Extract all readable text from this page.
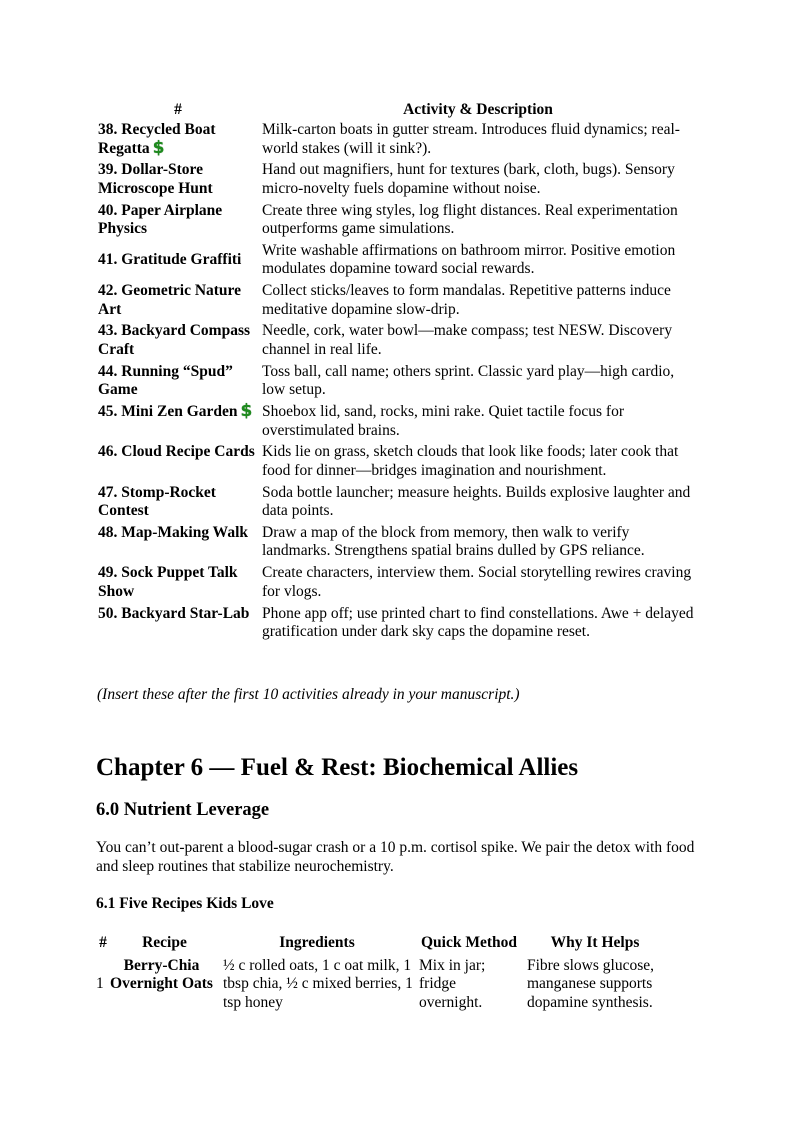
#	Activity & Description
38. Recycled Boat Regatta $	Milk-carton boats in gutter stream. Introduces fluid dynamics; real-world stakes (will it sink?).
39. Dollar-Store Microscope Hunt	Hand out magnifiers, hunt for textures (bark, cloth, bugs). Sensory micro-novelty fuels dopamine without noise.
40. Paper Airplane Physics	Create three wing styles, log flight distances. Real experimentation outperforms game simulations.
41. Gratitude Graffiti	Write washable affirmations on bathroom mirror. Positive emotion modulates dopamine toward social rewards.
42. Geometric Nature Art	Collect sticks/leaves to form mandalas. Repetitive patterns induce meditative dopamine slow-drip.
43. Backyard Compass Craft	Needle, cork, water bowl—make compass; test NESW. Discovery channel in real life.
44. Running “Spud” Game	Toss ball, call name; others sprint. Classic yard play—high cardio, low setup.
45. Mini Zen Garden $	Shoebox lid, sand, rocks, mini rake. Quiet tactile focus for overstimulated brains.
46. Cloud Recipe Cards	Kids lie on grass, sketch clouds that look like foods; later cook that food for dinner—bridges imagination and nourishment.
47. Stomp-Rocket Contest	Soda bottle launcher; measure heights. Builds explosive laughter and data points.
48. Map-Making Walk	Draw a map of the block from memory, then walk to verify landmarks. Strengthens spatial brains dulled by GPS reliance.
49. Sock Puppet Talk Show	Create characters, interview them. Social storytelling rewires craving for vlogs.
50. Backyard Star-Lab	Phone app off; use printed chart to find constellations. Awe + delayed gratification under dark sky caps the dopamine reset.

(Insert these after the first 10 activities already in your manuscript.)

Chapter 6 — Fuel & Rest: Biochemical Allies
6.0 Nutrient Leverage

You can’t out-parent a blood-sugar crash or a 10 p.m. cortisol spike. We pair the detox with food and sleep routines that stabilize neurochemistry.

6.1 Five Recipes Kids Love
#	Recipe	Ingredients	Quick Method	Why It Helps
1	Berry-Chia Overnight Oats	½ c rolled oats, 1 c oat milk, 1 tbsp chia, ½ c mixed berries, 1 tsp honey	Mix in jar; fridge overnight.	Fibre slows glucose, manganese supports dopamine synthesis.
